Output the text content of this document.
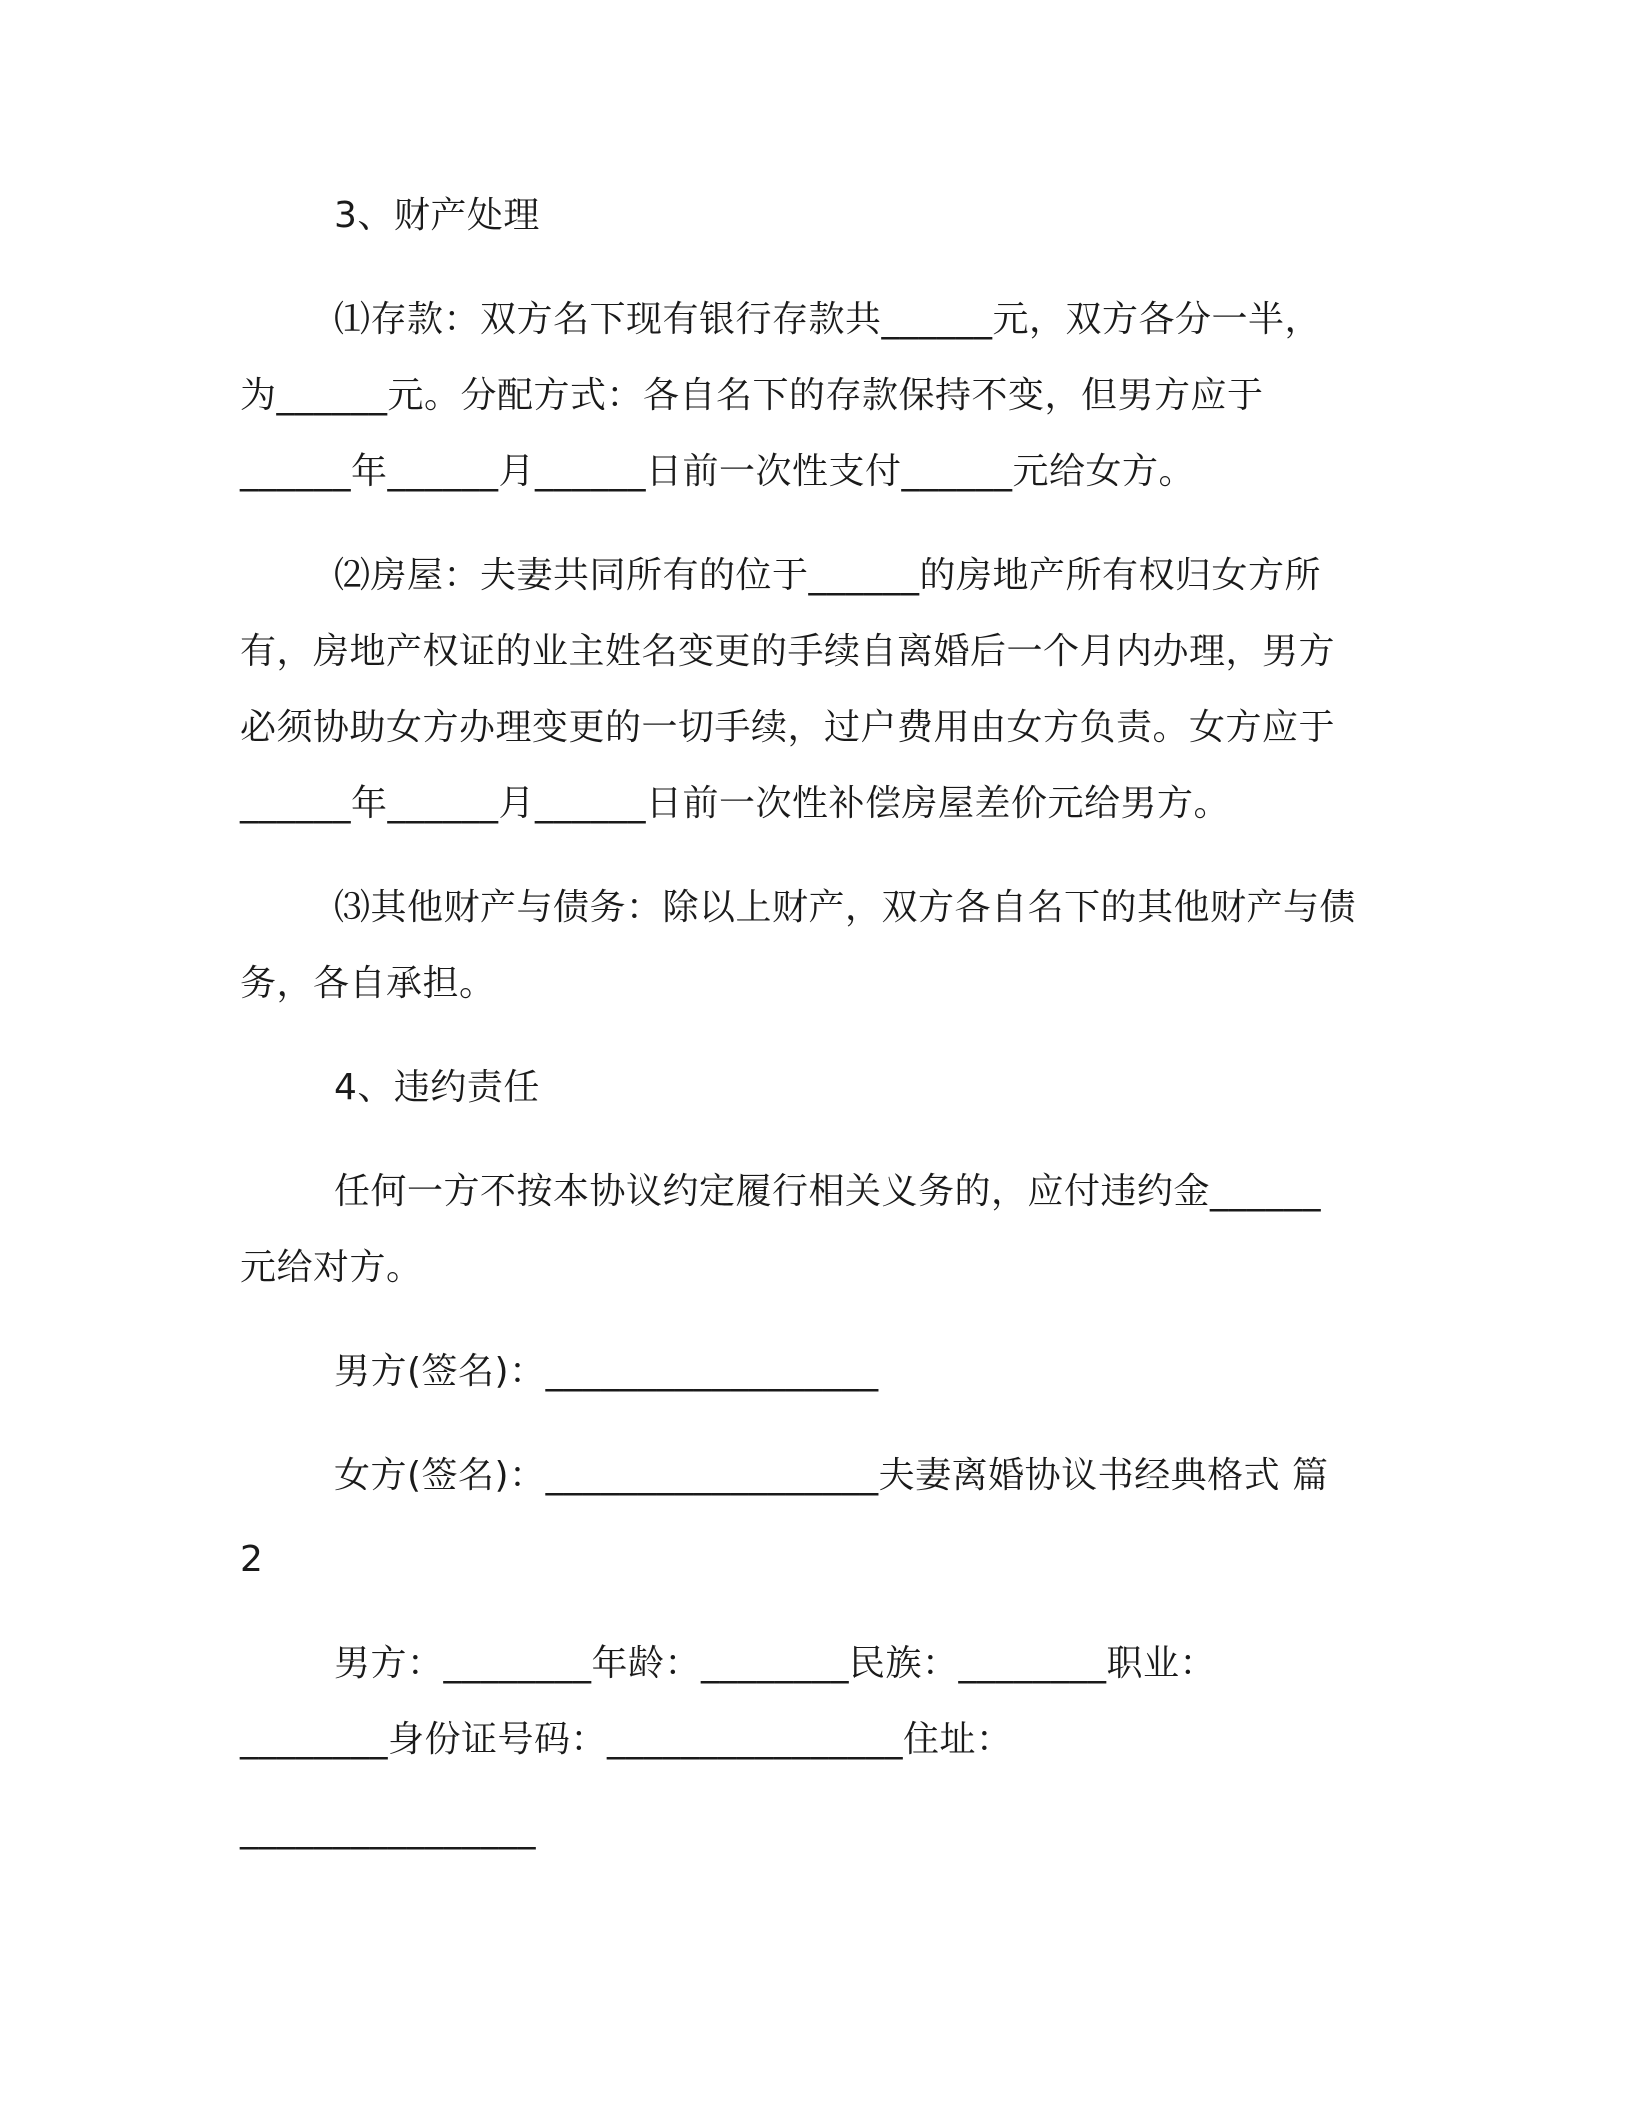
3、财产处理
⑴存款：双方名下现有银行存款共______元，双方各分一半，
为______元。分配方式：各自名下的存款保持不变，但男方应于
______年______月______日前一次性支付______元给女方。
⑵房屋：夫妻共同所有的位于______的房地产所有权归女方所
有，房地产权证的业主姓名变更的手续自离婚后一个月内办理，男方
必须协助女方办理变更的一切手续，过户费用由女方负责。女方应于
______年______月______日前一次性补偿房屋差价元给男方。
⑶其他财产与债务：除以上财产，双方各自名下的其他财产与债
务，各自承担。
4、违约责任
任何一方不按本协议约定履行相关义务的，应付违约金______
元给对方。
男方(签名)：__________________
女方(签名)：__________________夫妻离婚协议书经典格式 篇
2
男方：________年龄：________民族：________职业：
________身份证号码：________________住址：
________________
